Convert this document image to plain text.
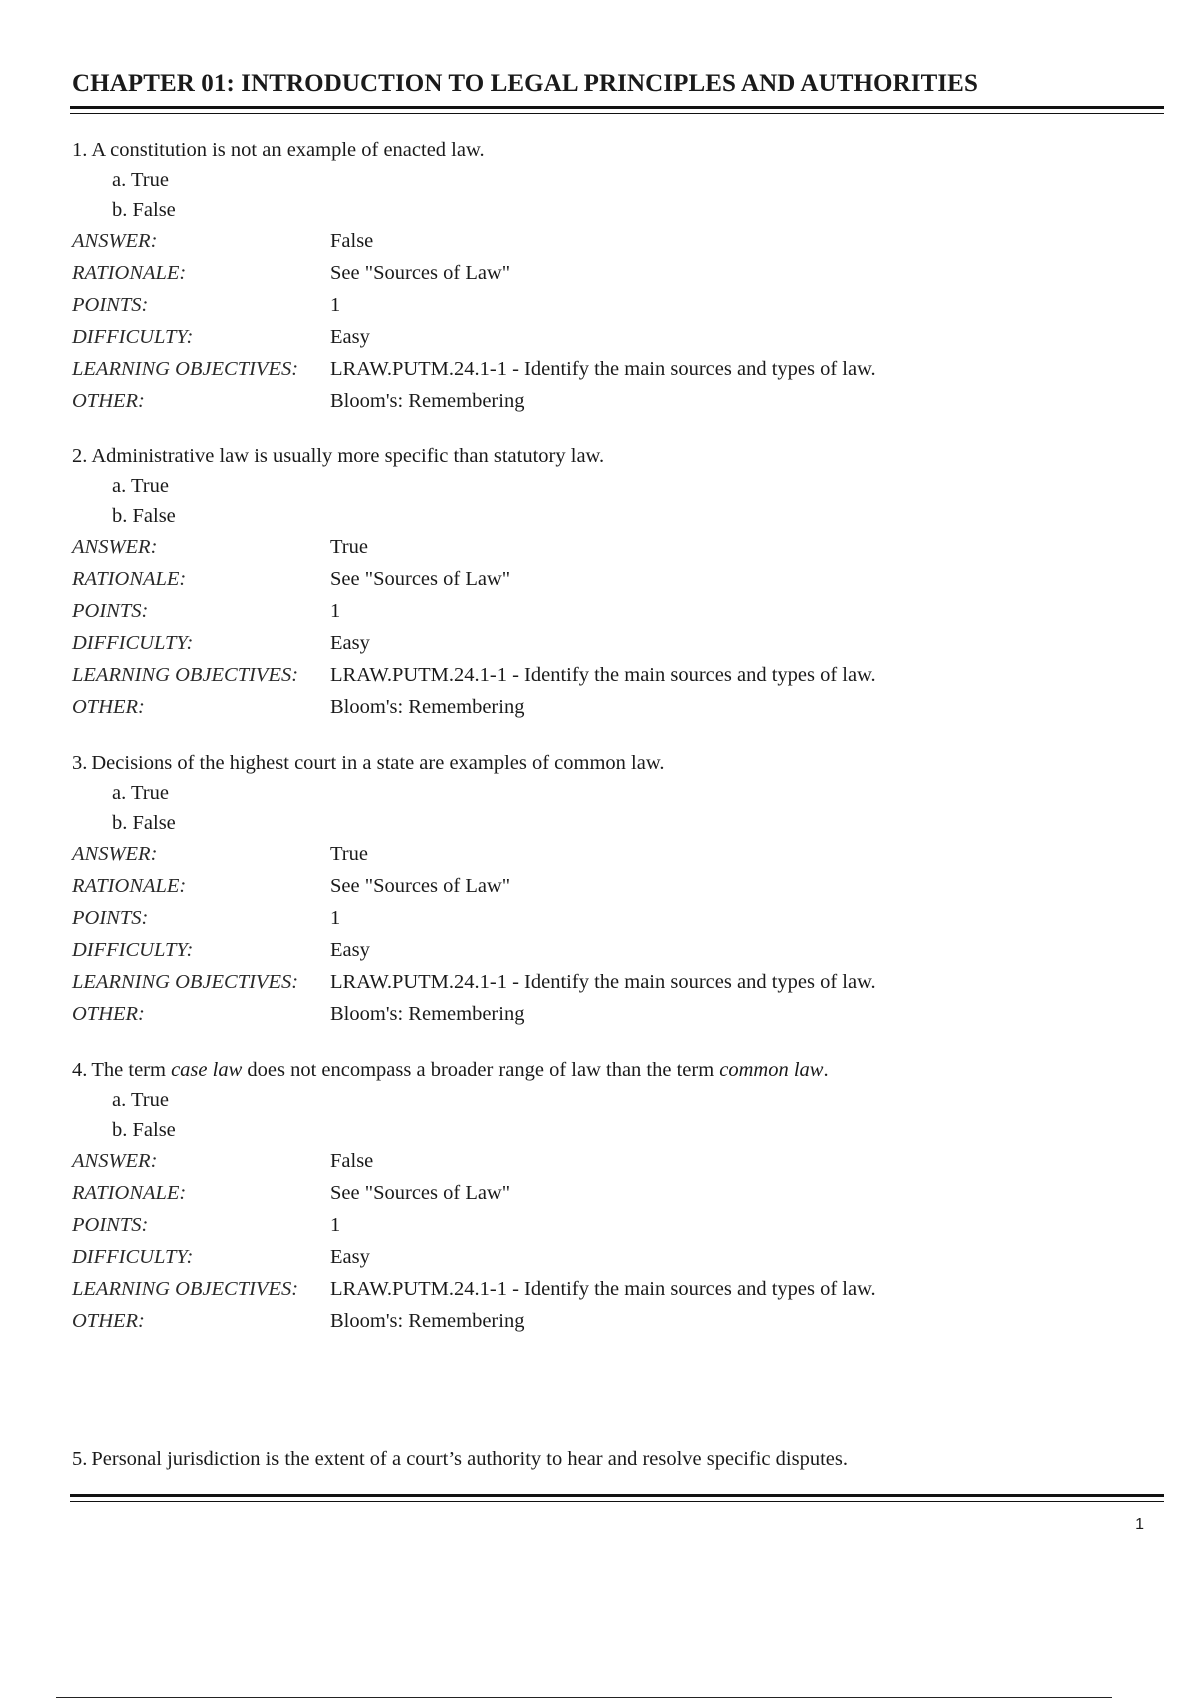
CHAPTER 01: INTRODUCTION TO LEGAL PRINCIPLES AND AUTHORITIES

1. A constitution is not an example of enacted law.

a. True
b. False
ANSWER:	False
RATIONALE:	See "Sources of Law"
POINTS:	1
DIFFICULTY:	Easy
LEARNING OBJECTIVES:	LRAW.PUTM.24.1-1 - Identify the main sources and types of law.
OTHER:	Bloom's: Remembering

2. Administrative law is usually more specific than statutory law.

a. True
b. False
ANSWER:	True
RATIONALE:	See "Sources of Law"
POINTS:	1
DIFFICULTY:	Easy
LEARNING OBJECTIVES:	LRAW.PUTM.24.1-1 - Identify the main sources and types of law.
OTHER:	Bloom's: Remembering

3. Decisions of the highest court in a state are examples of common law.

a. True
b. False
ANSWER:	True
RATIONALE:	See "Sources of Law"
POINTS:	1
DIFFICULTY:	Easy
LEARNING OBJECTIVES:	LRAW.PUTM.24.1-1 - Identify the main sources and types of law.
OTHER:	Bloom's: Remembering

4. The term case law does not encompass a broader range of law than the term common law.

a. True
b. False
ANSWER:	False
RATIONALE:	See "Sources of Law"
POINTS:	1
DIFFICULTY:	Easy
LEARNING OBJECTIVES:	LRAW.PUTM.24.1-1 - Identify the main sources and types of law.
OTHER:	Bloom's: Remembering

5. Personal jurisdiction is the extent of a court’s authority to hear and resolve specific disputes.

1
